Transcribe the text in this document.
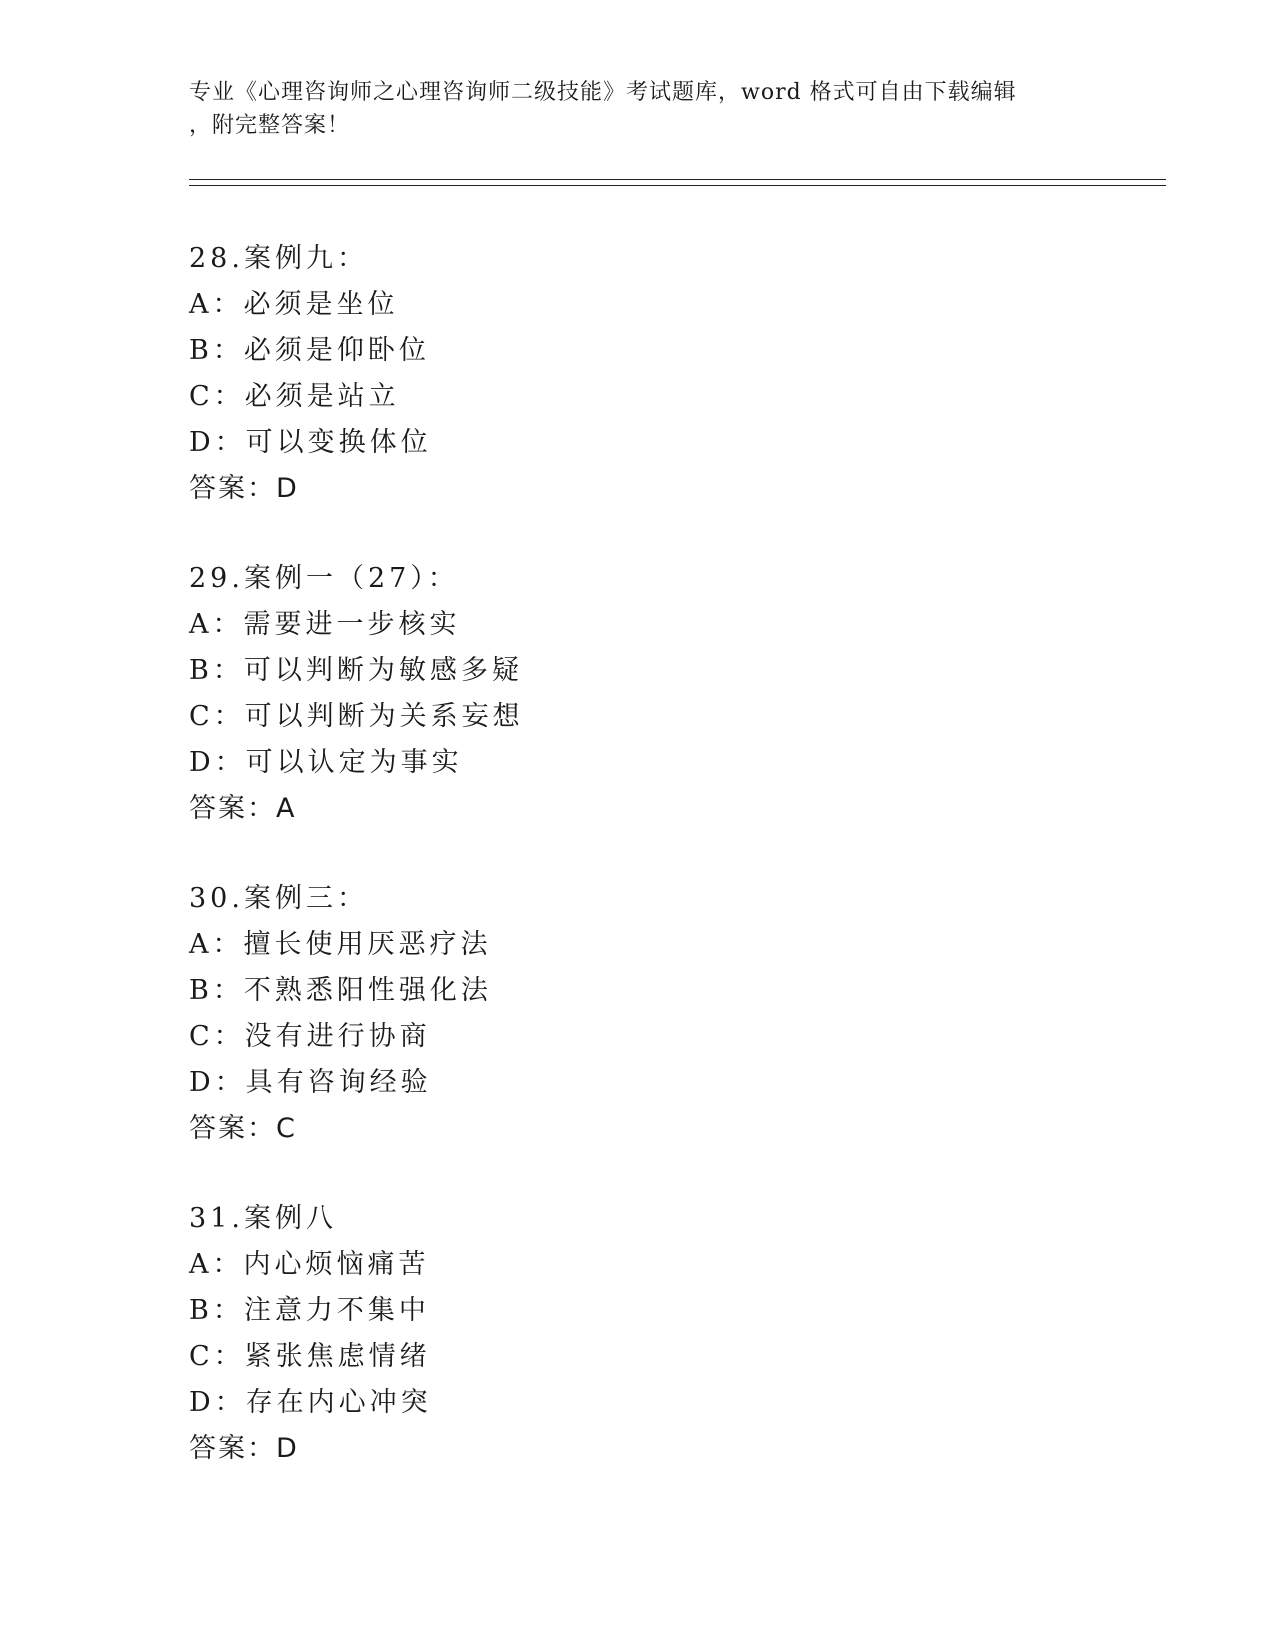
专业《心理咨询师之心理咨询师二级技能》考试题库，word 格式可自由下载编辑
，附完整答案！
28.案例九：
A：必须是坐位
B：必须是仰卧位
C：必须是站立
D：可以变换体位
答案：D
29.案例一（27）：
A：需要进一步核实
B：可以判断为敏感多疑
C：可以判断为关系妄想
D：可以认定为事实
答案：A
30.案例三：
A：擅长使用厌恶疗法
B：不熟悉阳性强化法
C：没有进行协商
D：具有咨询经验
答案：C
31.案例八
A：内心烦恼痛苦
B：注意力不集中
C：紧张焦虑情绪
D：存在内心冲突
答案：D
